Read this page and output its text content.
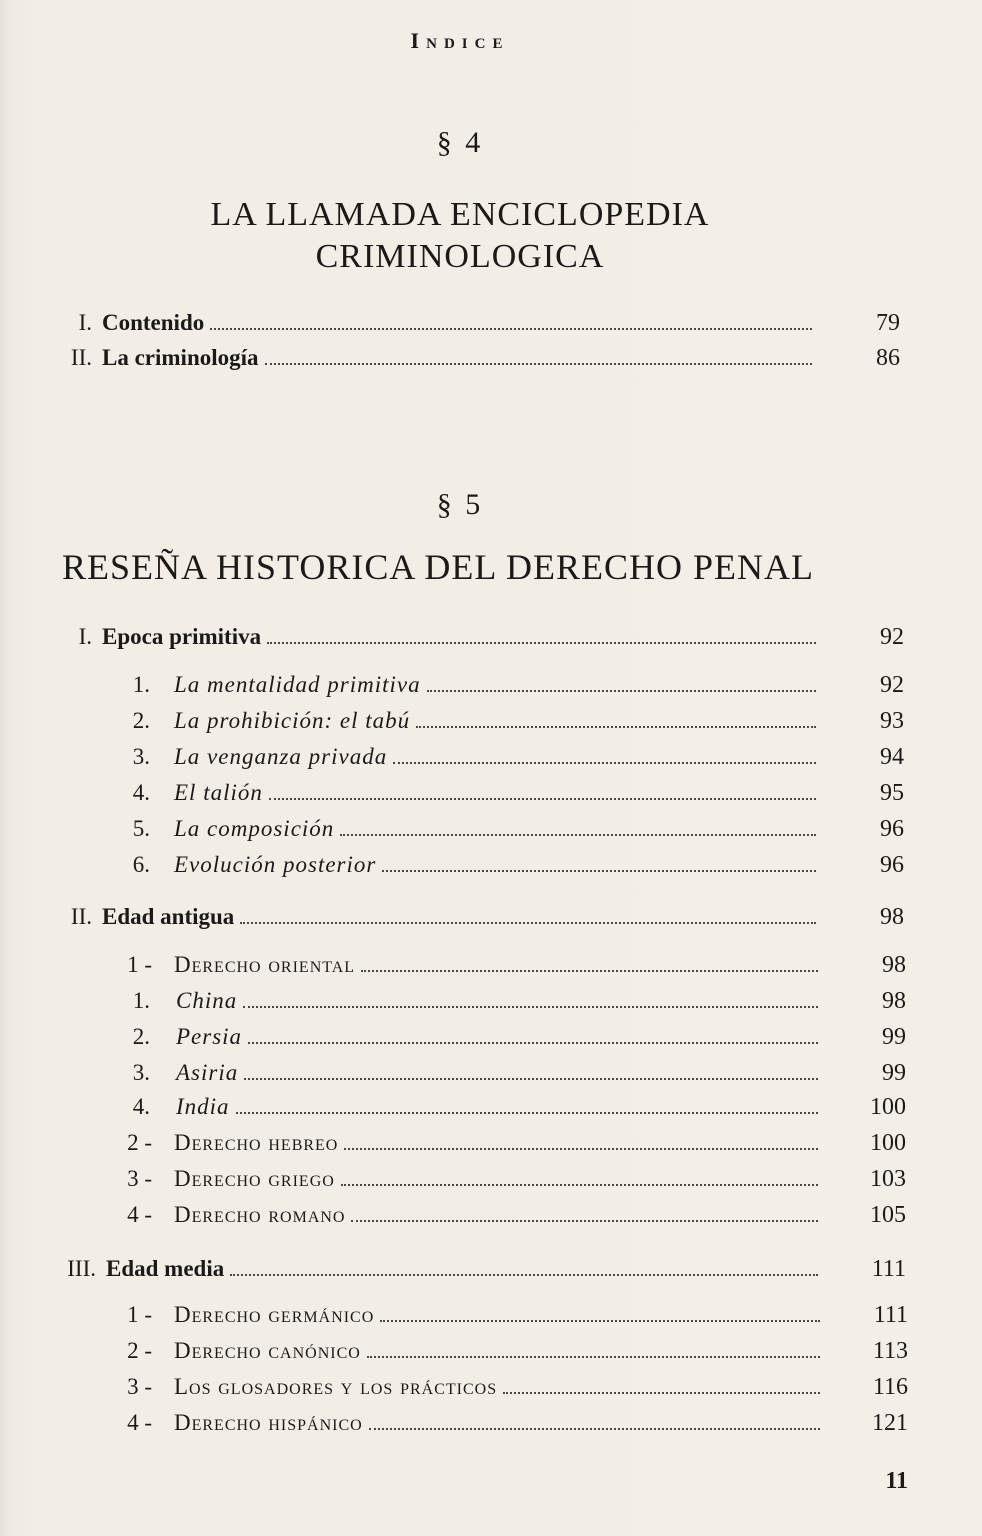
Indice
§ 4
LA LLAMADA ENCICLOPEDIA
CRIMINOLOGICA
I. Contenido	79
II. La criminología	86
§ 5
RESEÑA HISTORICA DEL DERECHO PENAL
I. Epoca primitiva	92
1.	La mentalidad primitiva	92
2.	La prohibición: el tabú	93
3.	La venganza privada	94
4.	El talión	95
5.	La composición	96
6.	Evolución posterior	96
II. Edad antigua	98
1 - Derecho oriental	98
1.	China	98
2.	Persia	99
3.	Asiria	99
4.	India	100
2 - Derecho hebreo	100
3 - Derecho griego	103
4 - Derecho romano	105
III. Edad media	111
1 - Derecho germánico	111
2 - Derecho canónico	113
3 - Los glosadores y los prácticos	116
4 - Derecho hispánico	121
11
